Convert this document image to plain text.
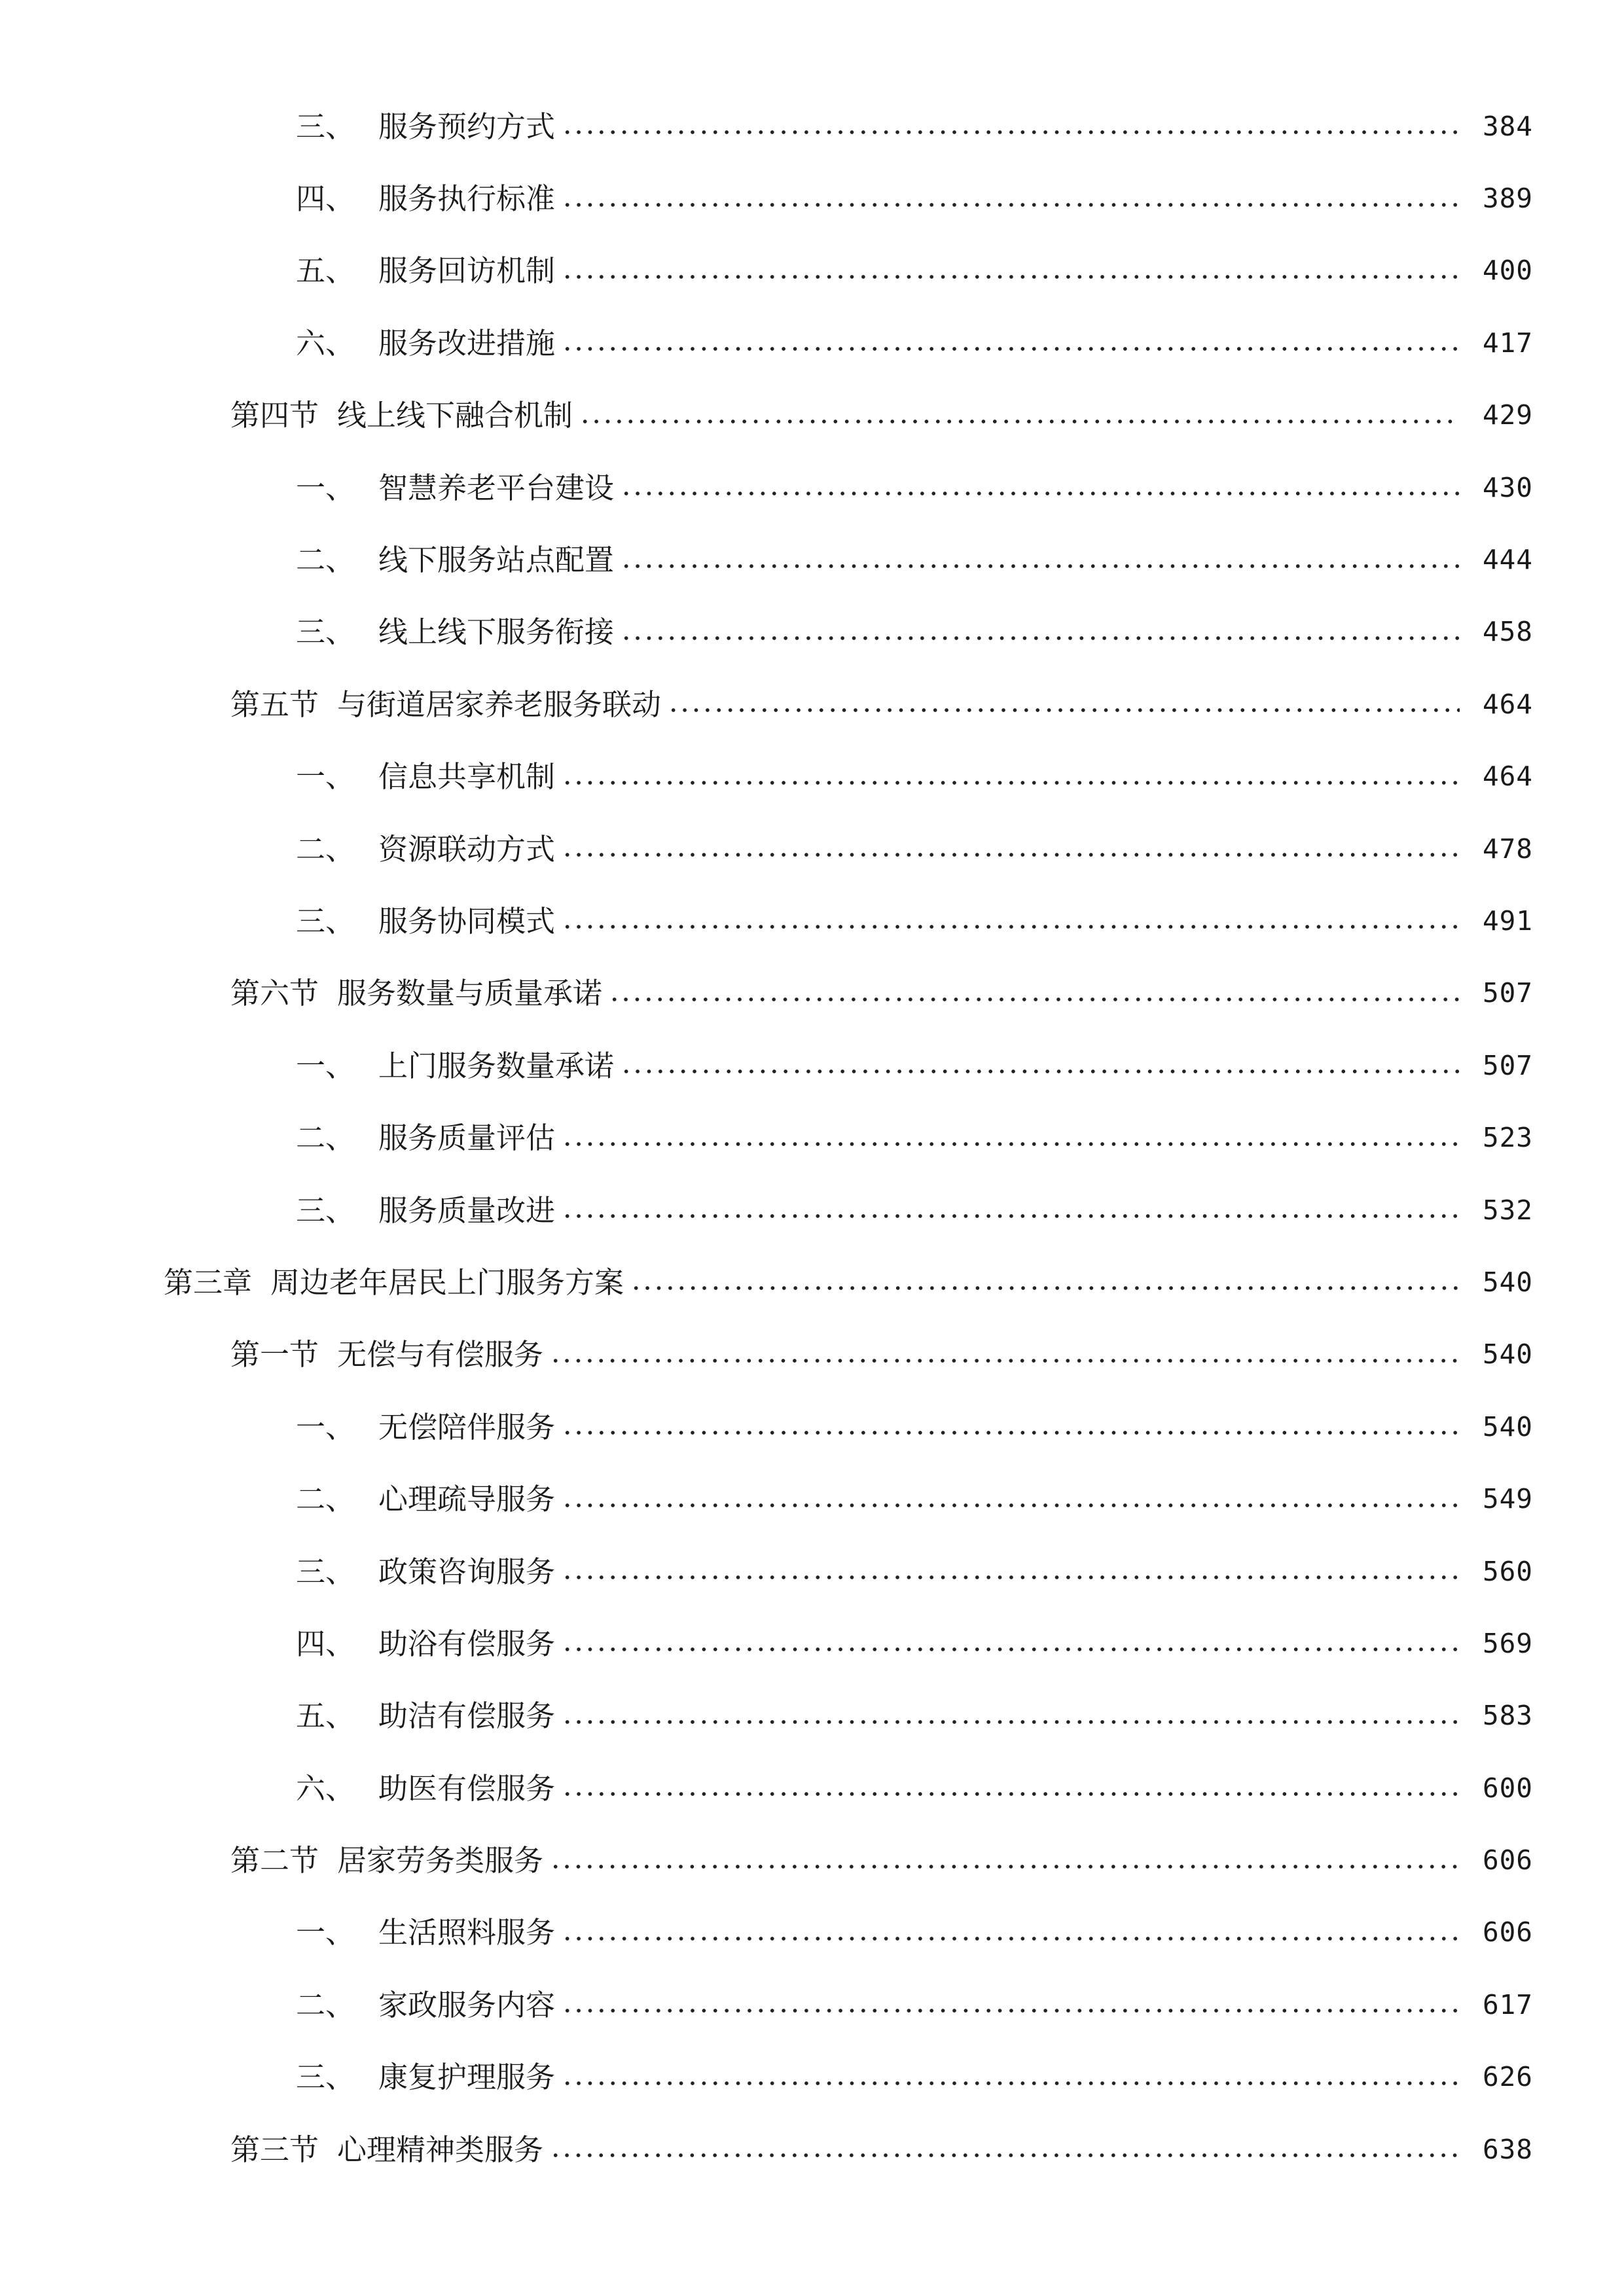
三、 服务预约方式	384
四、 服务执行标准	389
五、 服务回访机制	400
六、 服务改进措施	417
第四节 线上线下融合机制	429
一、 智慧养老平台建设	430
二、 线下服务站点配置	444
三、 线上线下服务衔接	458
第五节 与街道居家养老服务联动	464
一、 信息共享机制	464
二、 资源联动方式	478
三、 服务协同模式	491
第六节 服务数量与质量承诺	507
一、 上门服务数量承诺	507
二、 服务质量评估	523
三、 服务质量改进	532
第三章 周边老年居民上门服务方案	540
第一节 无偿与有偿服务	540
一、 无偿陪伴服务	540
二、 心理疏导服务	549
三、 政策咨询服务	560
四、 助浴有偿服务	569
五、 助洁有偿服务	583
六、 助医有偿服务	600
第二节 居家劳务类服务	606
一、 生活照料服务	606
二、 家政服务内容	617
三、 康复护理服务	626
第三节 心理精神类服务	638
